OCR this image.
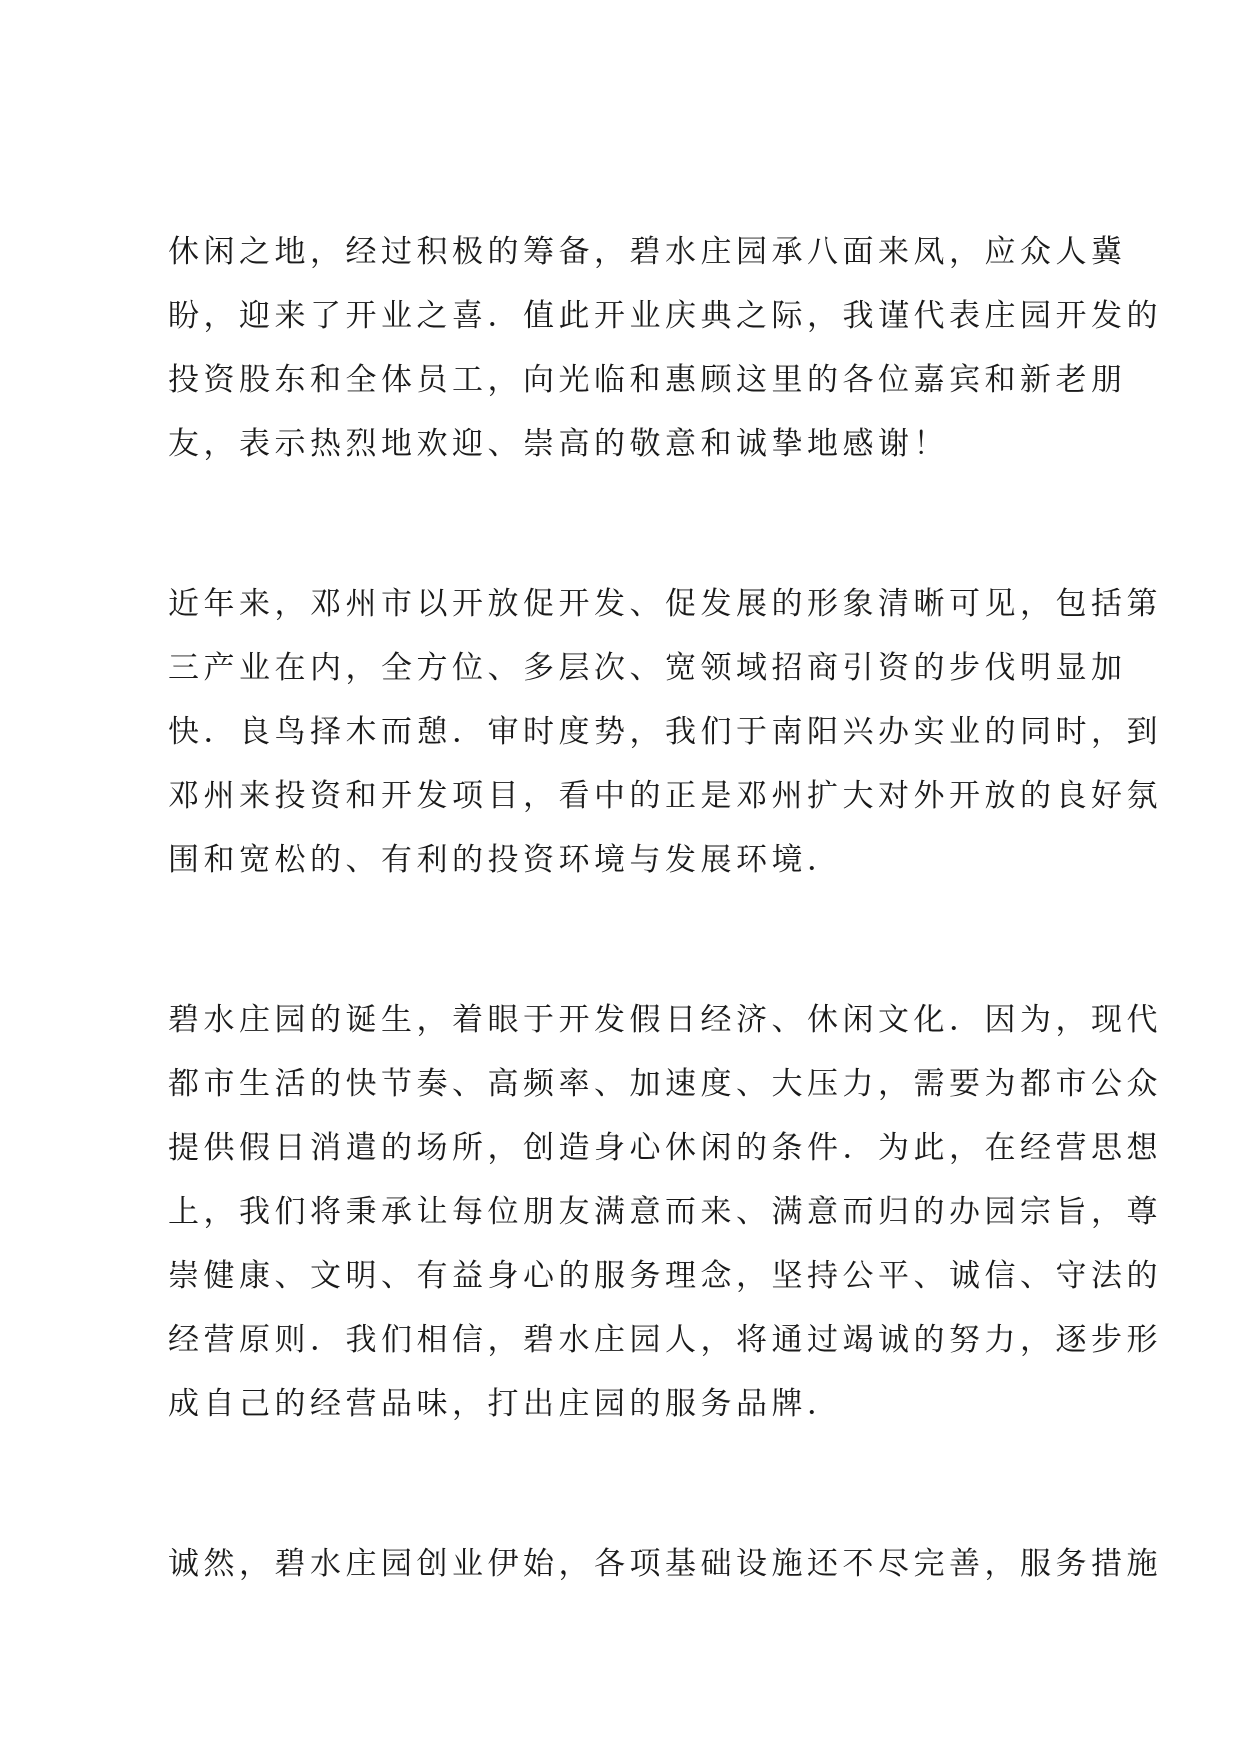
休闲之地，经过积极的筹备，碧水庄园承八面来凤，应众人冀
盼，迎来了开业之喜．值此开业庆典之际，我谨代表庄园开发的
投资股东和全体员工，向光临和惠顾这里的各位嘉宾和新老朋
友，表示热烈地欢迎、崇高的敬意和诚挚地感谢！
近年来，邓州市以开放促开发、促发展的形象清晰可见，包括第
三产业在内，全方位、多层次、宽领域招商引资的步伐明显加
快．良鸟择木而憩．审时度势，我们于南阳兴办实业的同时，到
邓州来投资和开发项目，看中的正是邓州扩大对外开放的良好氛
围和宽松的、有利的投资环境与发展环境．
碧水庄园的诞生，着眼于开发假日经济、休闲文化．因为，现代
都市生活的快节奏、高频率、加速度、大压力，需要为都市公众
提供假日消遣的场所，创造身心休闲的条件．为此，在经营思想
上，我们将秉承让每位朋友满意而来、满意而归的办园宗旨，尊
崇健康、文明、有益身心的服务理念，坚持公平、诚信、守法的
经营原则．我们相信，碧水庄园人，将通过竭诚的努力，逐步形
成自己的经营品味，打出庄园的服务品牌．
诚然，碧水庄园创业伊始，各项基础设施还不尽完善，服务措施
